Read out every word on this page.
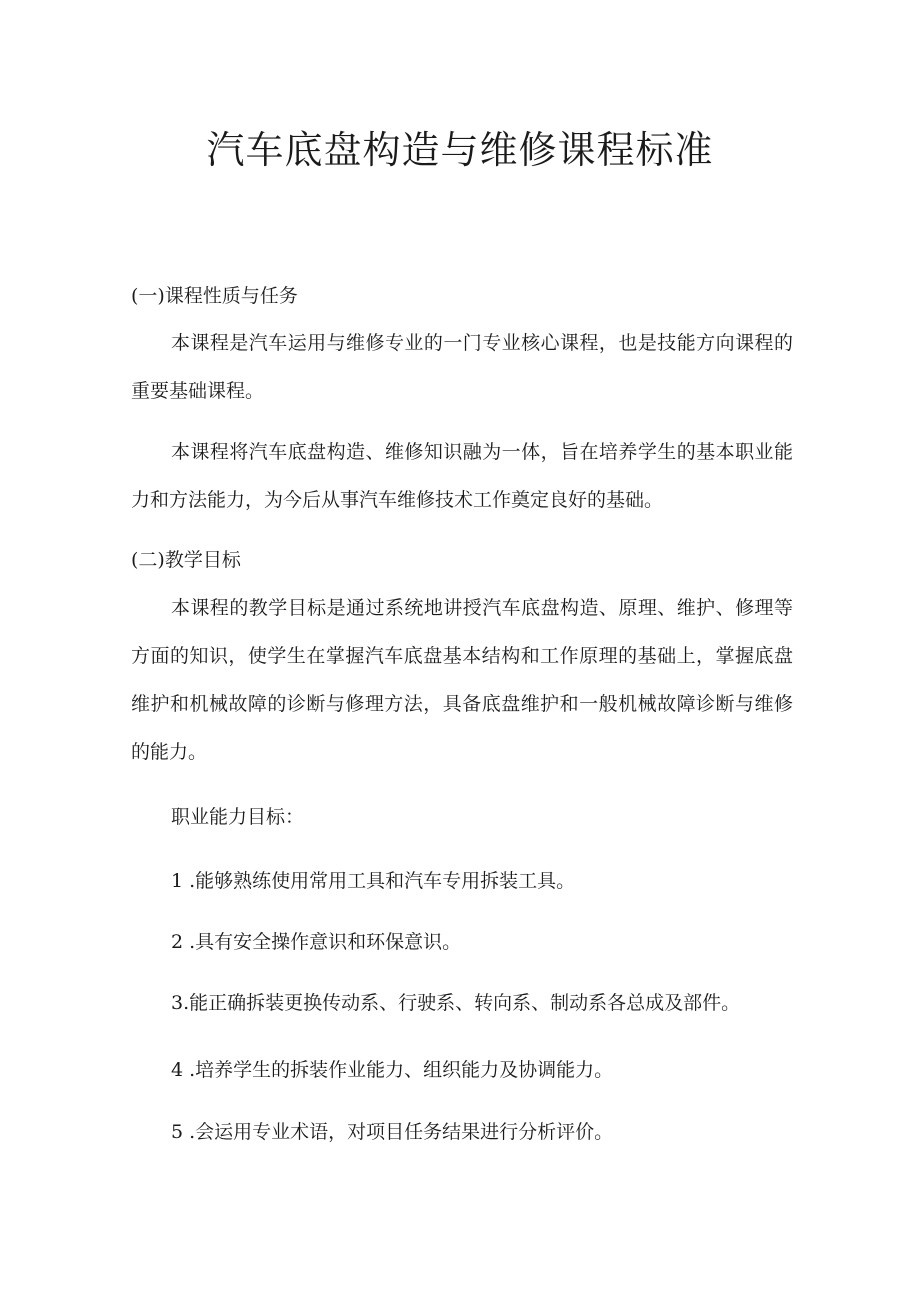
汽车底盘构造与维修课程标准

(一)课程性质与任务

本课程是汽车运用与维修专业的一门专业核心课程，也是技能方向课程的重要基础课程。

本课程将汽车底盘构造、维修知识融为一体，旨在培养学生的基本职业能力和方法能力，为今后从事汽车维修技术工作奠定良好的基础。

(二)教学目标

本课程的教学目标是通过系统地讲授汽车底盘构造、原理、维护、修理等方面的知识，使学生在掌握汽车底盘基本结构和工作原理的基础上，掌握底盘维护和机械故障的诊断与修理方法，具备底盘维护和一般机械故障诊断与维修的能力。

职业能力目标：

1 .能够熟练使用常用工具和汽车专用拆装工具。

2 .具有安全操作意识和环保意识。

3.能正确拆装更换传动系、行驶系、转向系、制动系各总成及部件。

4 .培养学生的拆装作业能力、组织能力及协调能力。

5 .会运用专业术语，对项目任务结果进行分析评价。
